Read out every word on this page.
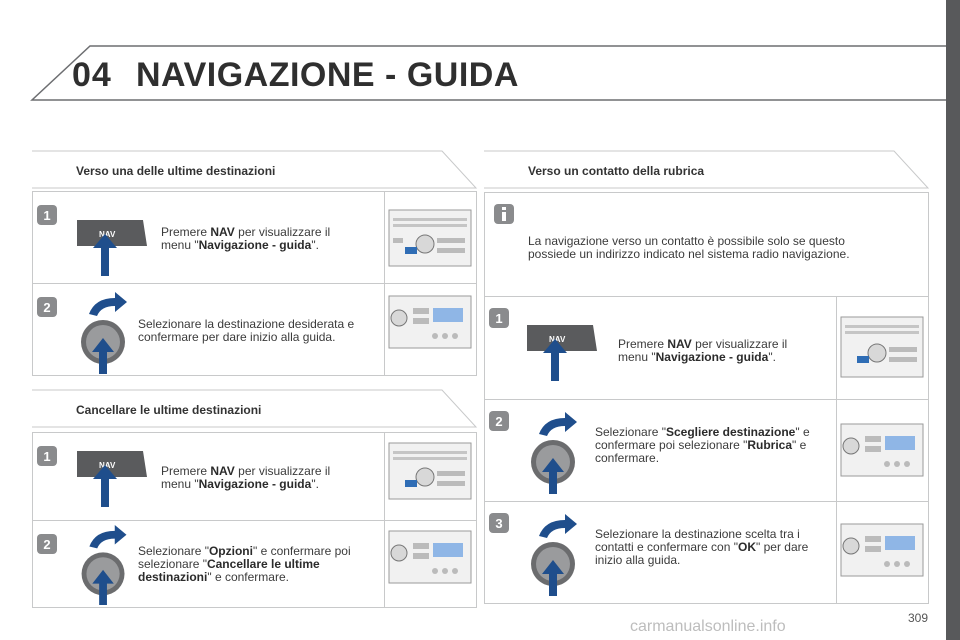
04 NAVIGAZIONE - GUIDA
Verso una delle ultime destinazioni
1
NAV	Premere NAV per visualizzare il menu "Navigazione - guida".
2
Selezionare la destinazione desiderata e confermare per dare inizio alla guida.
Cancellare le ultime destinazioni
1
NAV	Premere NAV per visualizzare il menu "Navigazione - guida".
2	Selezionare "Opzioni" e confermare poi selezionare "Cancellare le ultime destinazioni" e confermare.
Verso un contatto della rubrica
La navigazione verso un contatto è possibile solo se questo possiede un indirizzo indicato nel sistema radio navigazione.
1
NAV	Premere NAV per visualizzare il menu "Navigazione - guida".
2
Selezionare "Scegliere destinazione" e confermare poi selezionare "Rubrica" e confermare.
3
Selezionare la destinazione scelta tra i contatti e confermare con "OK" per dare inizio alla guida.
carmanualsonline.info	309
